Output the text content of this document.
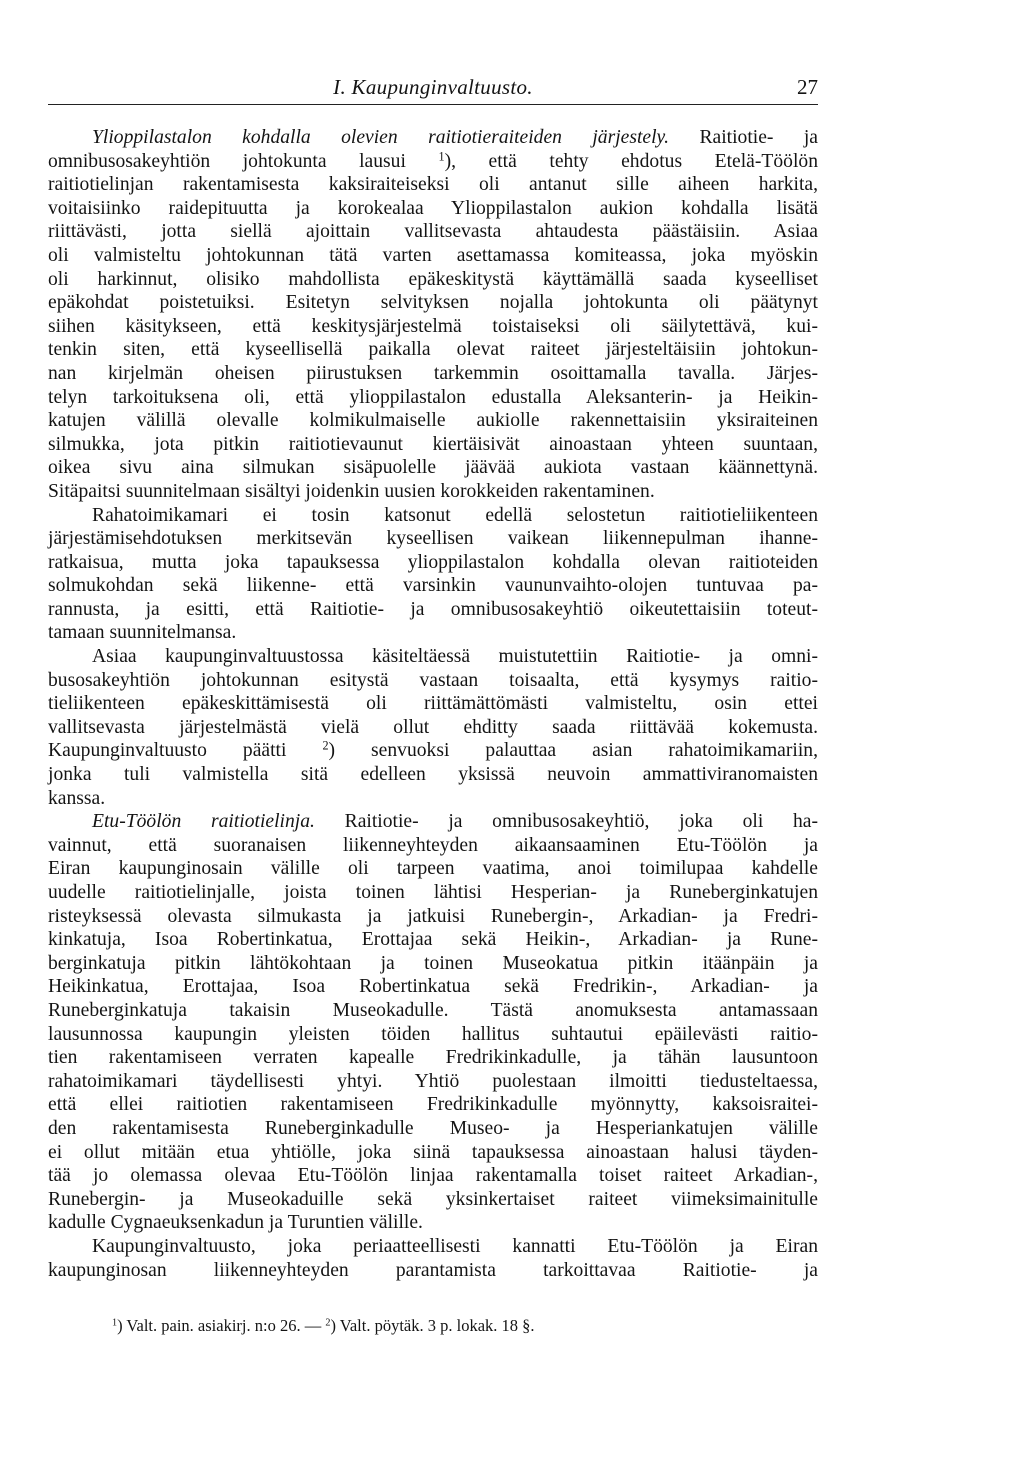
I. Kaupunginvaltuusto.	27
Ylioppilastalon kohdalla olevien raitiotieraiteiden järjestely. Raitiotie- ja
omnibusosakeyhtiön johtokunta lausui	$^1$), että tehty ehdotus Etelä-Töölön
raitiotielinjan rakentamisesta kaksiraiteiseksi oli antanut sille aiheen harkita,
voitaisiinko raidepituutta ja korokealaa Ylioppilastalon aukion kohdalla lisätä
riittävästi, jotta siellä ajoittain vallitsevasta ahtaudesta päästäisiin. Asiaa
oli valmisteltu johtokunnan tätä varten asettamassa komiteassa, joka myöskin
oli harkinnut, olisiko mahdollista epäkeskitystä käyttämällä saada kyseelliset
epäkohdat poistetuiksi. Esitetyn selvityksen nojalla johtokunta oli päätynyt
siihen käsitykseen, että keskitysjärjestelmä toistaiseksi oli säilytettävä, kui-
tenkin siten, että kyseellisellä paikalla olevat raiteet järjesteltäisiin johtokun-
nan kirjelmän oheisen piirustuksen tarkemmin osoittamalla tavalla. Järjes-
telyn tarkoituksena oli, että ylioppilastalon edustalla Aleksanterin- ja Heikin-
katujen välillä olevalle kolmikulmaiselle aukiolle rakennettaisiin yksiraiteinen
silmukka, jota pitkin raitiotievaunut kiertäisivät ainoastaan yhteen suuntaan,
oikea sivu aina silmukan sisäpuolelle jäävää aukiota vastaan käännettynä.
Sitäpaitsi suunnitelmaan sisältyi joidenkin uusien korokkeiden rakentaminen.
Rahatoimikamari ei tosin katsonut edellä selostetun raitiotieliikenteen
järjestämisehdotuksen merkitsevän kyseellisen vaikean liikennepulman ihanne-
ratkaisua, mutta joka tapauksessa ylioppilastalon kohdalla olevan raitioteiden
solmukohdan sekä liikenne- että varsinkin vaununvaihto-olojen tuntuvaa pa-
rannusta, ja esitti, että Raitiotie- ja omnibusosakeyhtiö oikeutettaisiin toteut-
tamaan suunnitelmansa.
Asiaa kaupunginvaltuustossa käsiteltäessä muistutettiin Raitiotie- ja omni-
busosakeyhtiön johtokunnan esitystä vastaan toisaalta, että kysymys raitio-
tieliikenteen epäkeskittämisestä oli riittämättömästi valmisteltu, osin ettei
vallitsevasta järjestelmästä vielä ollut ehditty saada riittävää kokemusta.
Kaupunginvaltuusto päätti	$^2$) senvuoksi palauttaa asian rahatoimikamariin,
jonka tuli valmistella sitä edelleen yksissä neuvoin ammattiviranomaisten
kanssa.
Etu-Töölön raitiotielinja. Raitiotie- ja omnibusosakeyhtiö, joka oli ha-
vainnut, että suoranaisen liikenneyhteyden aikaansaaminen Etu-Töölön ja
Eiran kaupunginosain välille oli tarpeen vaatima, anoi toimilupaa kahdelle
uudelle raitiotielinjalle, joista toinen lähtisi Hesperian- ja Runeberginkatujen
risteyksessä olevasta silmukasta ja jatkuisi Runebergin-, Arkadian- ja Fredri-
kinkatuja, Isoa Robertinkatua, Erottajaa sekä Heikin-, Arkadian- ja Rune-
berginkatuja pitkin lähtökohtaan ja toinen Museokatua pitkin itäänpäin ja
Heikinkatua, Erottajaa, Isoa Robertinkatua sekä Fredrikin-, Arkadian- ja
Runeberginkatuja takaisin Museokadulle. Tästä anomuksesta antamassaan
lausunnossa kaupungin yleisten töiden hallitus suhtautui epäilevästi raitio-
tien rakentamiseen verraten kapealle Fredrikinkadulle, ja tähän lausuntoon
rahatoimikamari täydellisesti yhtyi. Yhtiö puolestaan ilmoitti tiedusteltaessa,
että ellei raitiotien rakentamiseen Fredrikinkadulle myönnytty, kaksoisraitei-
den rakentamisesta Runeberginkadulle Museo- ja Hesperiankatujen välille
ei ollut mitään etua yhtiölle, joka siinä tapauksessa ainoastaan halusi täyden-
tää jo olemassa olevaa Etu-Töölön linjaa rakentamalla toiset raiteet Arkadian-,
Runebergin- ja Museokaduille sekä yksinkertaiset raiteet viimeksimainitulle
kadulle Cygnaeuksenkadun ja Turuntien välille.
Kaupunginvaltuusto, joka periaatteellisesti kannatti Etu-Töölön ja Eiran
kaupunginosan liikenneyhteyden parantamista tarkoittavaa Raitiotie- ja
$^1$) Valt. pain. asiakirj. n:o 26. — $^2$) Valt. pöytäk. 3 p. lokak. 18 §.
